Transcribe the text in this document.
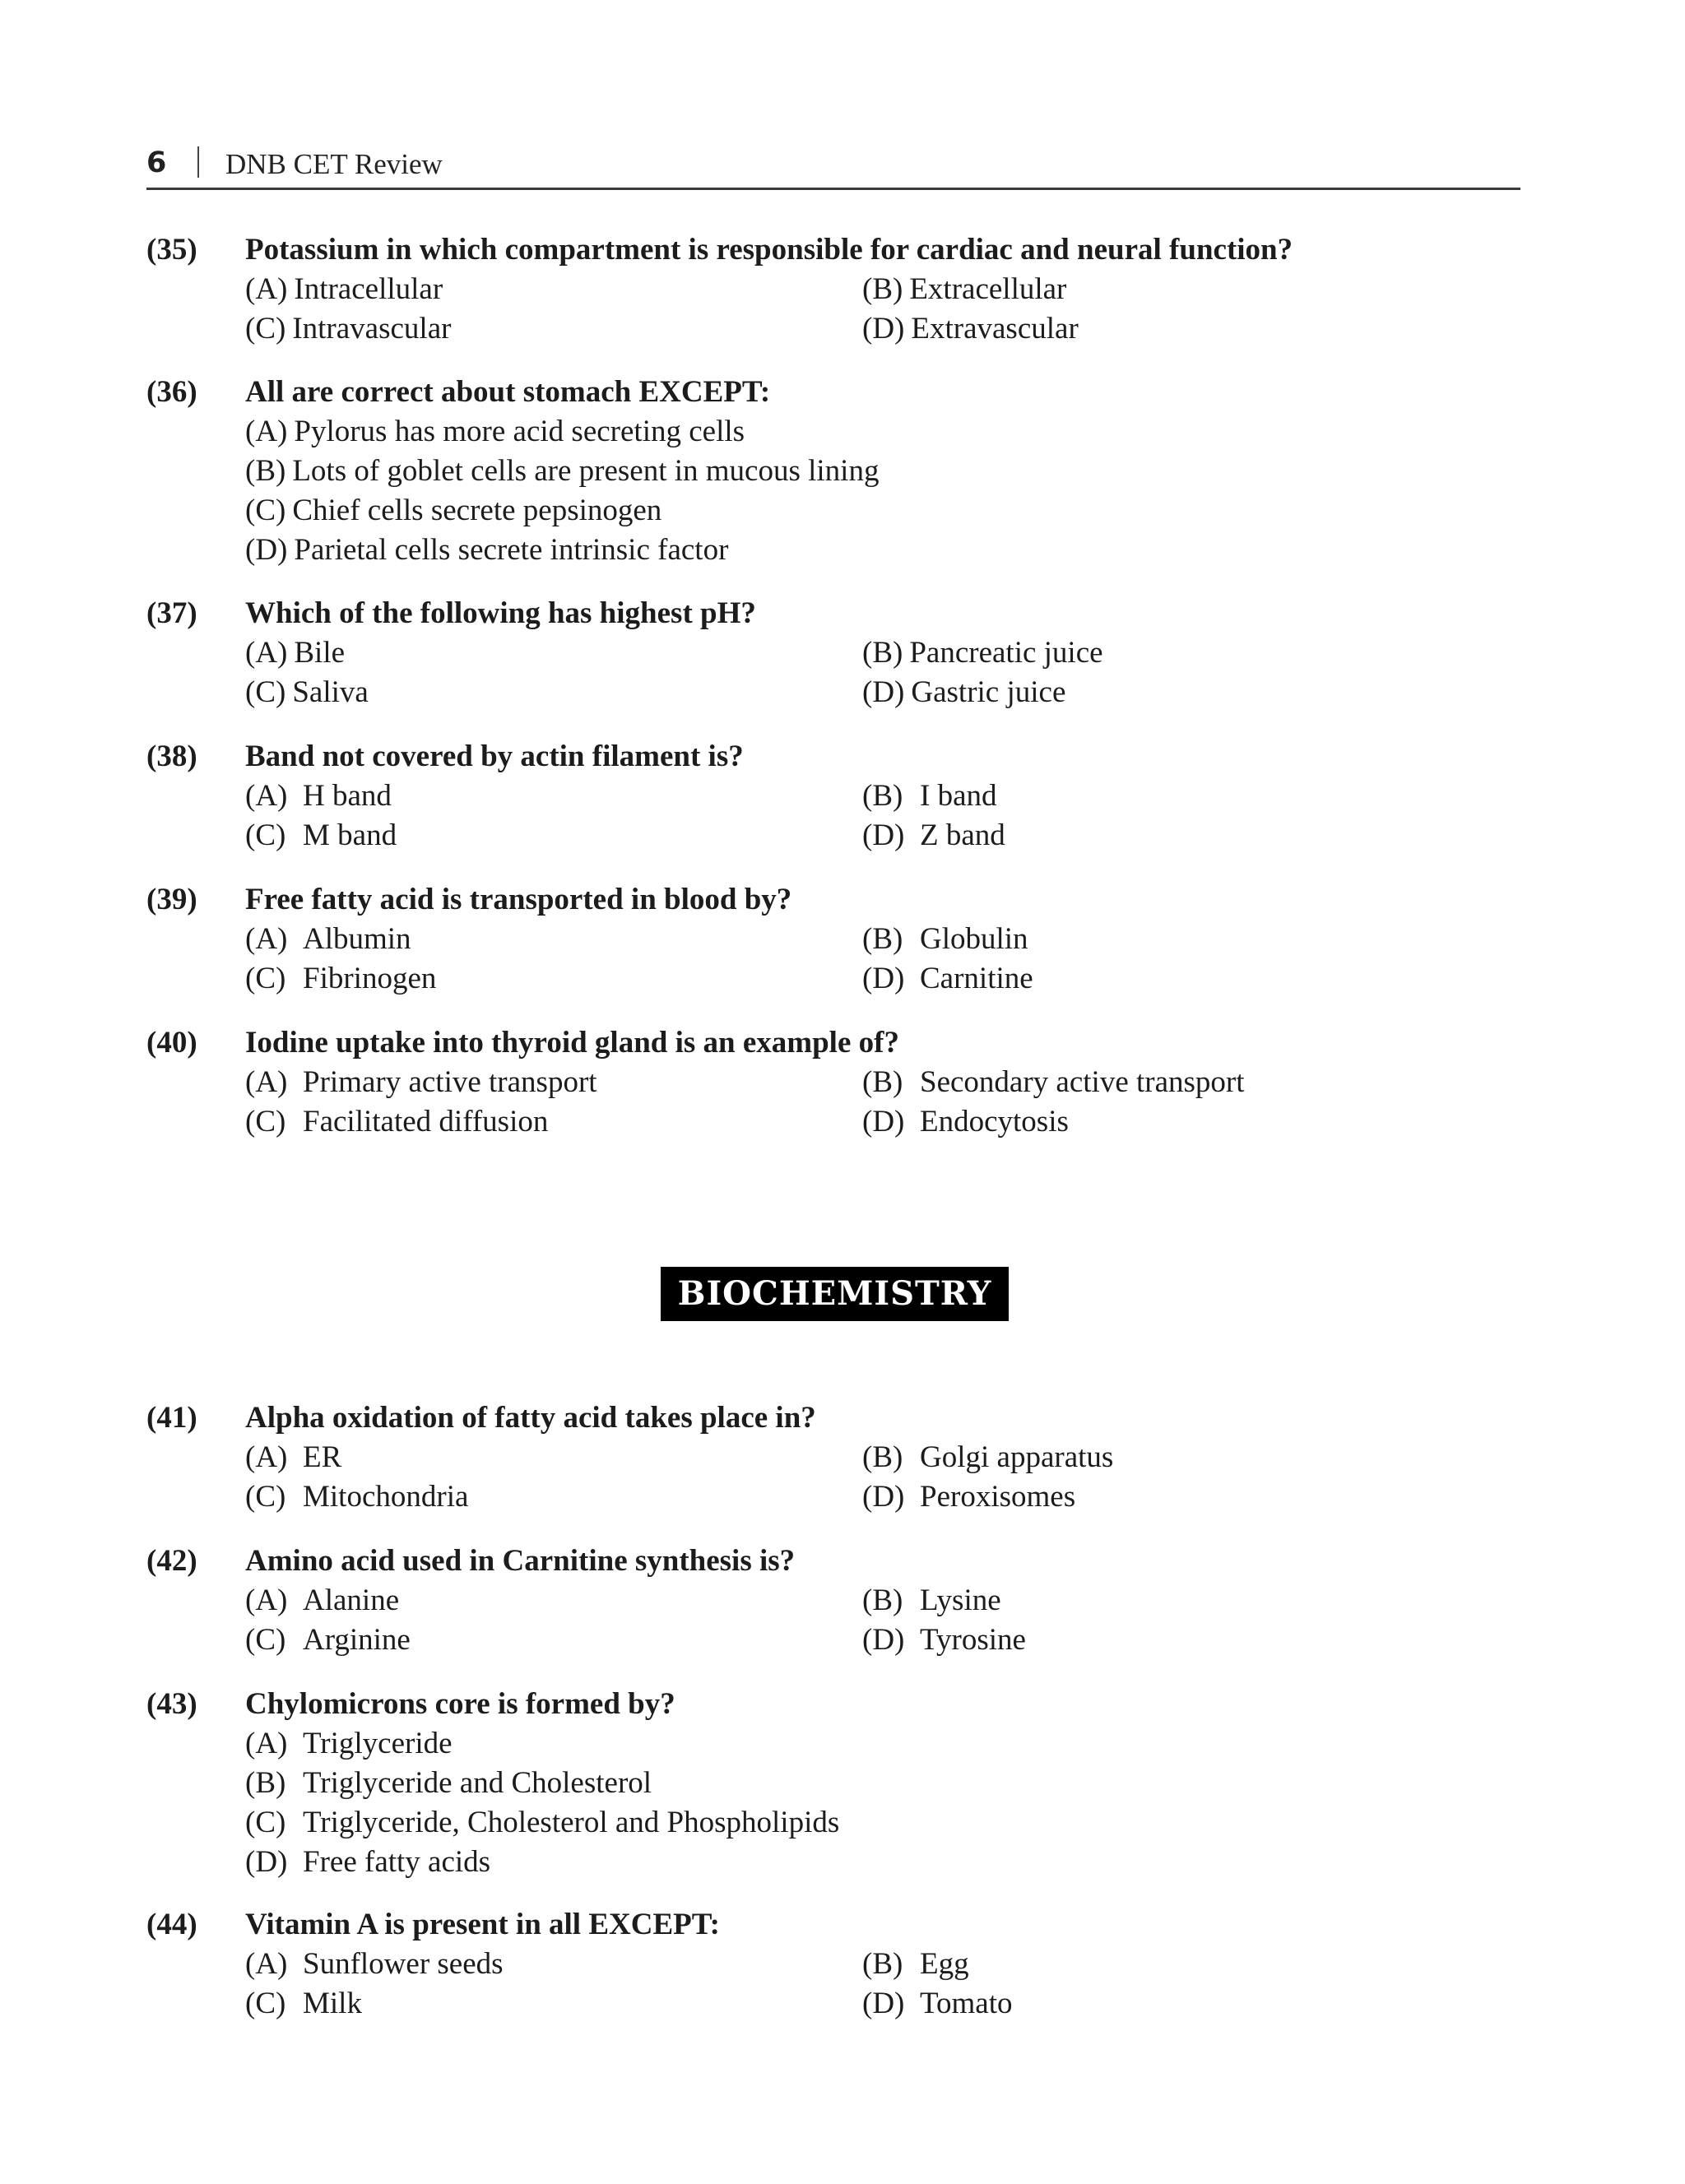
6 DNB CET Review
(35) Potassium in which compartment is responsible for cardiac and neural function?
(A) Intracellular	(B) Extracellular
(C) Intravascular	(D) Extravascular
(36) All are correct about stomach EXCEPT:
(A) Pylorus has more acid secreting cells
(B) Lots of goblet cells are present in mucous lining
(C) Chief cells secrete pepsinogen
(D) Parietal cells secrete intrinsic factor
(37) Which of the following has highest pH?
(A) Bile	(B) Pancreatic juice
(C) Saliva	(D) Gastric juice
(38) Band not covered by actin filament is?
(A) H band	(B) I band
(C) M band	(D) Z band
(39) Free fatty acid is transported in blood by?
(A) Albumin	(B) Globulin
(C) Fibrinogen	(D) Carnitine
(40) Iodine uptake into thyroid gland is an example of?
(A) Primary active transport	(B) Secondary active transport
(C) Facilitated diffusion	(D) Endocytosis
BIOCHEMISTRY
(41) Alpha oxidation of fatty acid takes place in?
(A) ER	(B) Golgi apparatus
(C) Mitochondria	(D) Peroxisomes
(42) Amino acid used in Carnitine synthesis is?
(A) Alanine	(B) Lysine
(C) Arginine	(D) Tyrosine
(43) Chylomicrons core is formed by?
(A) Triglyceride
(B) Triglyceride and Cholesterol
(C) Triglyceride, Cholesterol and Phospholipids
(D) Free fatty acids
(44) Vitamin A is present in all EXCEPT:
(A) Sunflower seeds	(B) Egg
(C) Milk	(D) Tomato
